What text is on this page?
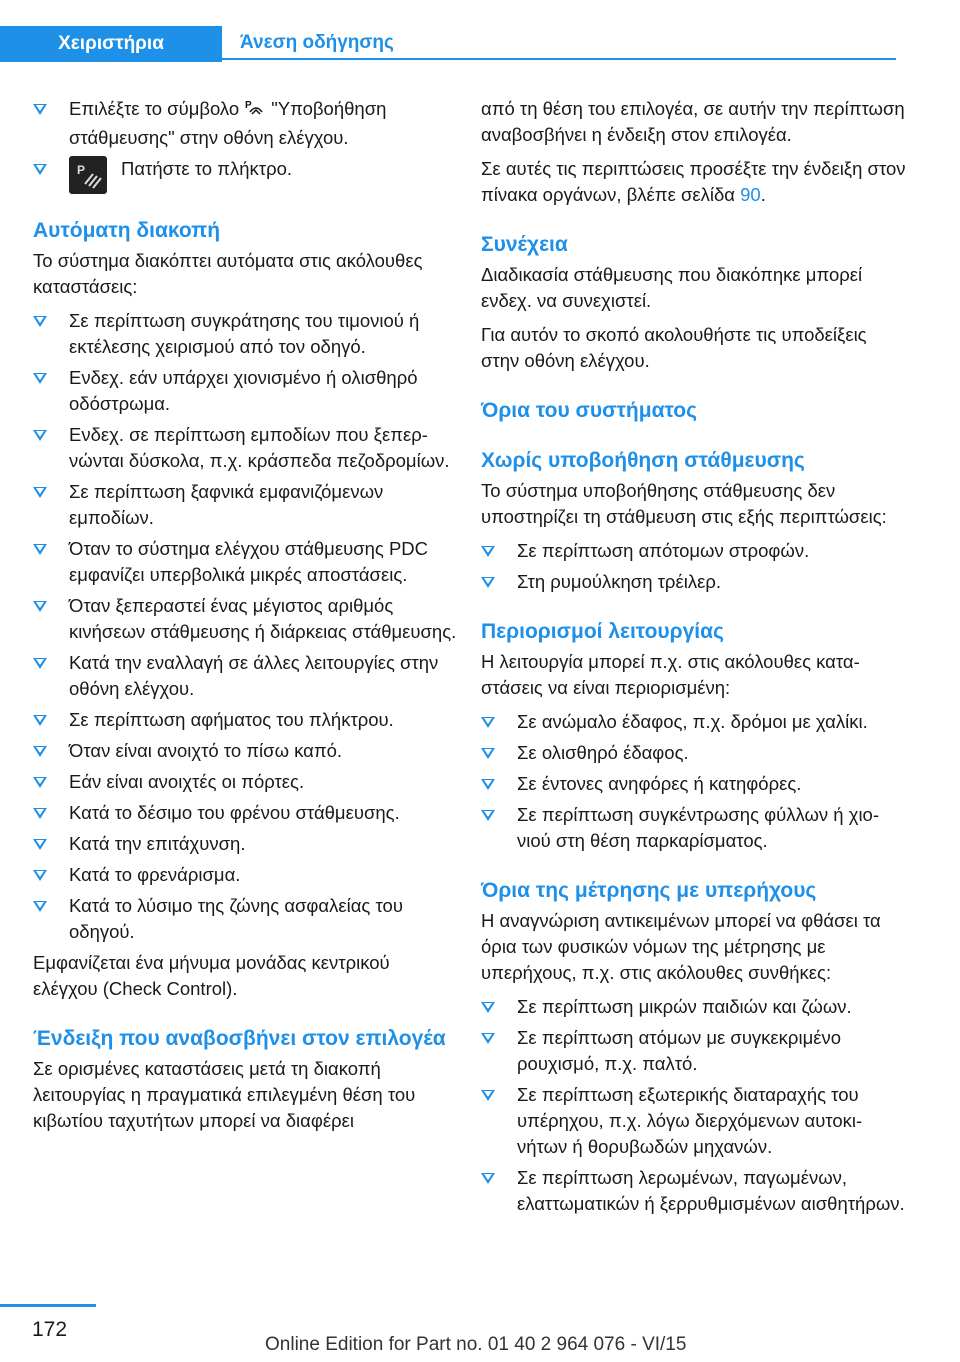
Χειριστήρια	Άνεση οδήγησης
Επιλέξτε το σύμβολο P "Υποβοήθηση στάθμευσης" στην οθόνη ελέγχου.
P Πατήστε το πλήκτρο.
Αυτόματη διακοπή
Το σύστημα διακόπτει αυτόματα στις ακόλουθες καταστάσεις:
Σε περίπτωση συγκράτησης του τιμονιού ή εκτέλεσης χειρισμού από τον οδηγό.
Ενδεχ. εάν υπάρχει χιονισμένο ή ολισθηρό οδόστρωμα.
Ενδεχ. σε περίπτωση εμποδίων που ξεπερνώνται δύσκολα, π.χ. κράσπεδα πεζοδρομίων.
Σε περίπτωση ξαφνικά εμφανιζόμενων εμποδίων.
Όταν το σύστημα ελέγχου στάθμευσης PDC εμφανίζει υπερβολικά μικρές αποστάσεις.
Όταν ξεπεραστεί ένας μέγιστος αριθμός κινήσεων στάθμευσης ή διάρκειας στάθμευσης.
Κατά την εναλλαγή σε άλλες λειτουργίες στην οθόνη ελέγχου.
Σε περίπτωση αφήματος του πλήκτρου.
Όταν είναι ανοιχτό το πίσω καπό.
Εάν είναι ανοιχτές οι πόρτες.
Κατά το δέσιμο του φρένου στάθμευσης.
Κατά την επιτάχυνση.
Κατά το φρενάρισμα.
Κατά το λύσιμο της ζώνης ασφαλείας του οδηγού.
Εμφανίζεται ένα μήνυμα μονάδας κεντρικού ελέγχου (Check Control).
Ένδειξη που αναβοσβήνει στον επιλογέα
Σε ορισμένες καταστάσεις μετά τη διακοπή λειτουργίας η πραγματικά επιλεγμένη θέση του κιβωτίου ταχυτήτων μπορεί να διαφέρει
από τη θέση του επιλογέα, σε αυτήν την περίπτωση αναβοσβήνει η ένδειξη στον επιλογέα.
Σε αυτές τις περιπτώσεις προσέξτε την ένδειξη στον πίνακα οργάνων, βλέπε σελίδα 90.
Συνέχεια
Διαδικασία στάθμευσης που διακόπηκε μπορεί ενδεχ. να συνεχιστεί.
Για αυτόν το σκοπό ακολουθήστε τις υποδείξεις στην οθόνη ελέγχου.
Όρια του συστήματος
Χωρίς υποβοήθηση στάθμευσης
Το σύστημα υποβοήθησης στάθμευσης δεν υποστηρίζει τη στάθμευση στις εξής περιπτώσεις:
Σε περίπτωση απότομων στροφών.
Στη ρυμούλκηση τρέιλερ.
Περιορισμοί λειτουργίας
Η λειτουργία μπορεί π.χ. στις ακόλουθες καταστάσεις να είναι περιορισμένη:
Σε ανώμαλο έδαφος, π.χ. δρόμοι με χαλίκι.
Σε ολισθηρό έδαφος.
Σε έντονες ανηφόρες ή κατηφόρες.
Σε περίπτωση συγκέντρωσης φύλλων ή χιονιού στη θέση παρκαρίσματος.
Όρια της μέτρησης με υπερήχους
Η αναγνώριση αντικειμένων μπορεί να φθάσει τα όρια των φυσικών νόμων της μέτρησης με υπερήχους, π.χ. στις ακόλουθες συνθήκες:
Σε περίπτωση μικρών παιδιών και ζώων.
Σε περίπτωση ατόμων με συγκεκριμένο ρουχισμό, π.χ. παλτό.
Σε περίπτωση εξωτερικής διαταραχής του υπέρηχου, π.χ. λόγω διερχόμενων αυτοκινήτων ή θορυβωδών μηχανών.
Σε περίπτωση λερωμένων, παγωμένων, ελαττωματικών ή ξερρυθμισμένων αισθητήρων.
172
Online Edition for Part no. 01 40 2 964 076 - VI/15
